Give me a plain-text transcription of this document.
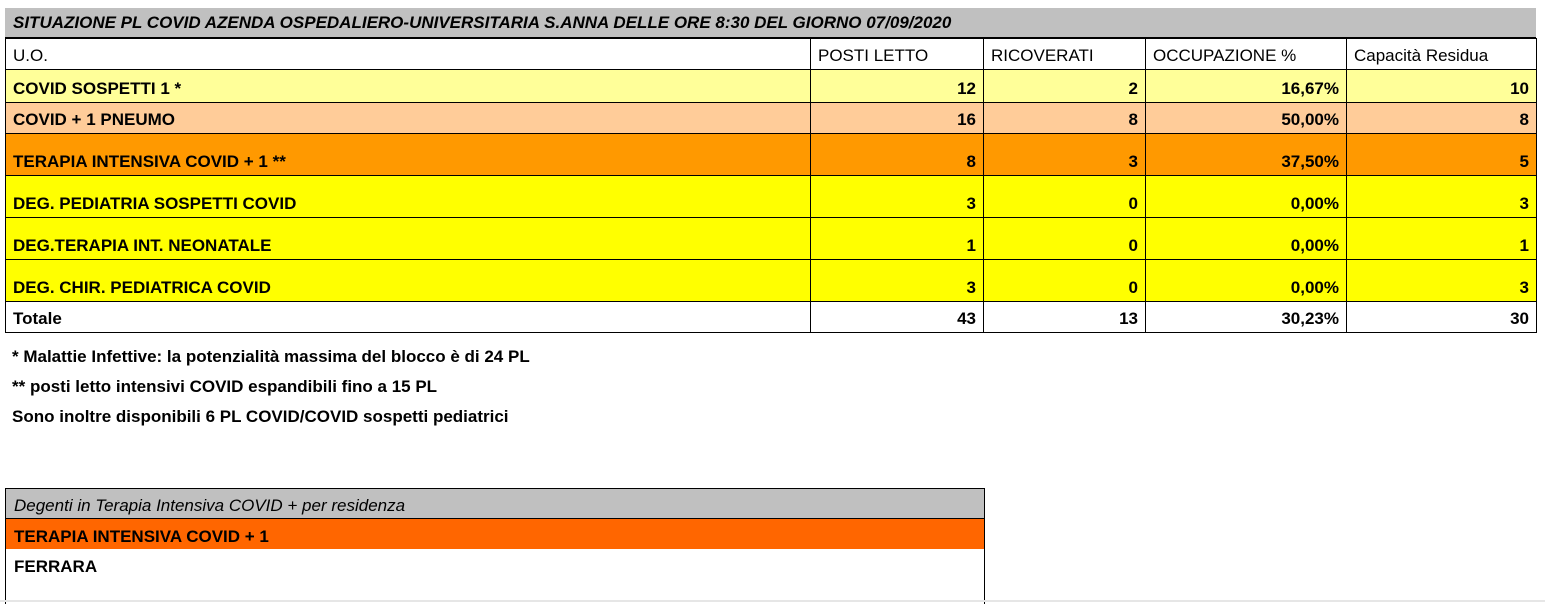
SITUAZIONE PL COVID AZENDA OSPEDALIERO-UNIVERSITARIA S.ANNA DELLE ORE 8:30 DEL GIORNO 07/09/2020
U.O.	POSTI LETTO	RICOVERATI	OCCUPAZIONE %	Capacità Residua
COVID SOSPETTI 1 *	12	2	16,67%	10
COVID + 1 PNEUMO	16	8	50,00%	8
TERAPIA INTENSIVA COVID + 1 **	8	3	37,50%	5
DEG. PEDIATRIA SOSPETTI COVID	3	0	0,00%	3
DEG.TERAPIA INT. NEONATALE	1	0	0,00%	1
DEG. CHIR. PEDIATRICA COVID	3	0	0,00%	3
Totale	43	13	30,23%	30
* Malattie Infettive: la potenzialità massima del blocco è di 24 PL
** posti letto intensivi COVID espandibili fino a 15 PL
Sono inoltre disponibili 6 PL COVID/COVID sospetti pediatrici
Degenti in Terapia Intensiva COVID + per residenza
TERAPIA INTENSIVA COVID + 1
FERRARA
